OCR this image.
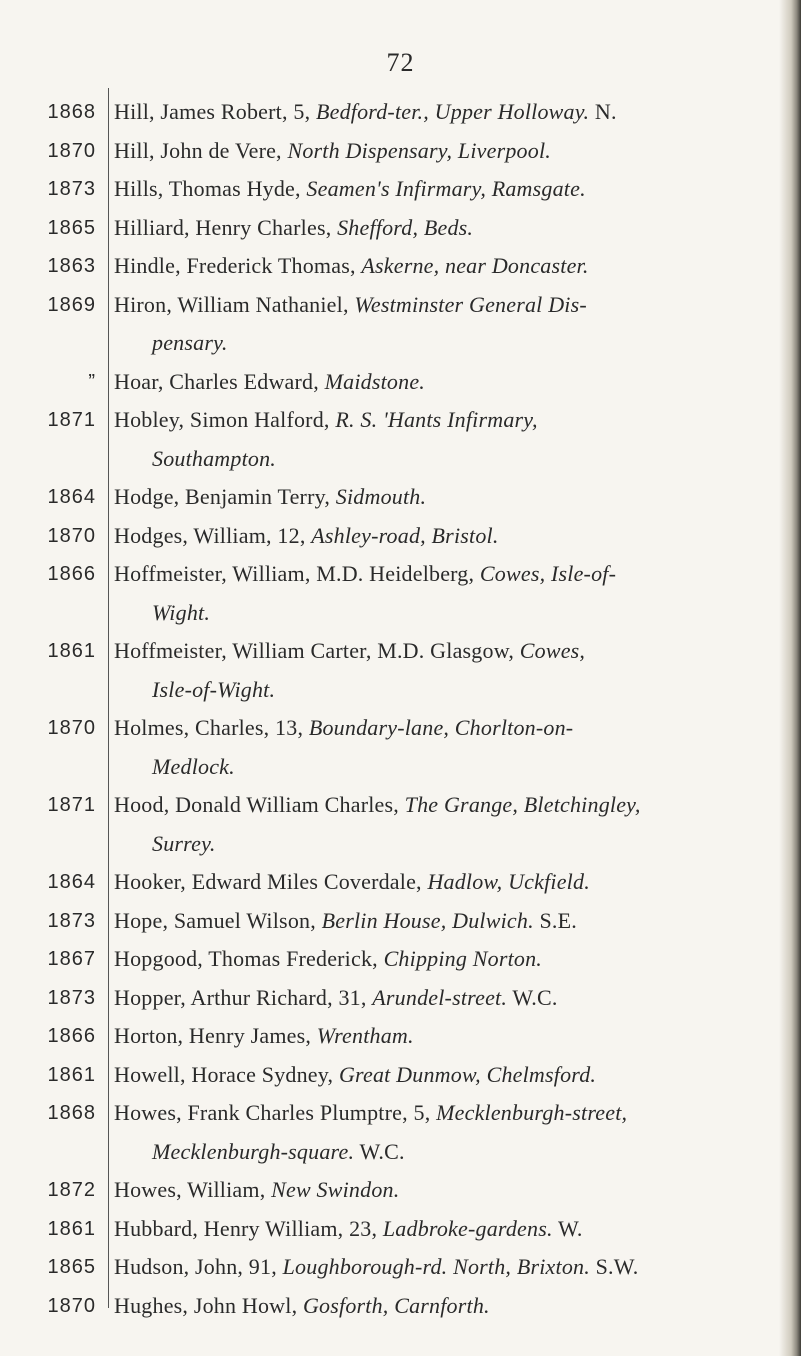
72
1868 Hill, James Robert, 5, Bedford-ter., Upper Holloway. N.
1870 Hill, John de Vere, North Dispensary, Liverpool.
1873 Hills, Thomas Hyde, Seamen's Infirmary, Ramsgate.
1865 Hilliard, Henry Charles, Shefford, Beds.
1863 Hindle, Frederick Thomas, Askerne, near Doncaster.
1869 Hiron, William Nathaniel, Westminster General Dis-
pensary.
” Hoar, Charles Edward, Maidstone.
1871 Hobley, Simon Halford, R. S. 'Hants Infirmary,
Southampton.
1864 Hodge, Benjamin Terry, Sidmouth.
1870 Hodges, William, 12, Ashley-road, Bristol.
1866 Hoffmeister, William, M.D. Heidelberg, Cowes, Isle-of-
Wight.
1861 Hoffmeister, William Carter, M.D. Glasgow, Cowes,
Isle-of-Wight.
1870 Holmes, Charles, 13, Boundary-lane, Chorlton-on-
Medlock.
1871 Hood, Donald William Charles, The Grange, Bletchingley,
Surrey.
1864 Hooker, Edward Miles Coverdale, Hadlow, Uckfield.
1873 Hope, Samuel Wilson, Berlin House, Dulwich. S.E.
1867 Hopgood, Thomas Frederick, Chipping Norton.
1873 Hopper, Arthur Richard, 31, Arundel-street. W.C.
1866 Horton, Henry James, Wrentham.
1861 Howell, Horace Sydney, Great Dunmow, Chelmsford.
1868 Howes, Frank Charles Plumptre, 5, Mecklenburgh-street,
Mecklenburgh-square. W.C.
1872 Howes, William, New Swindon.
1861 Hubbard, Henry William, 23, Ladbroke-gardens. W.
1865 Hudson, John, 91, Loughborough-rd. North, Brixton. S.W.
1870 Hughes, John Howl, Gosforth, Carnforth.
